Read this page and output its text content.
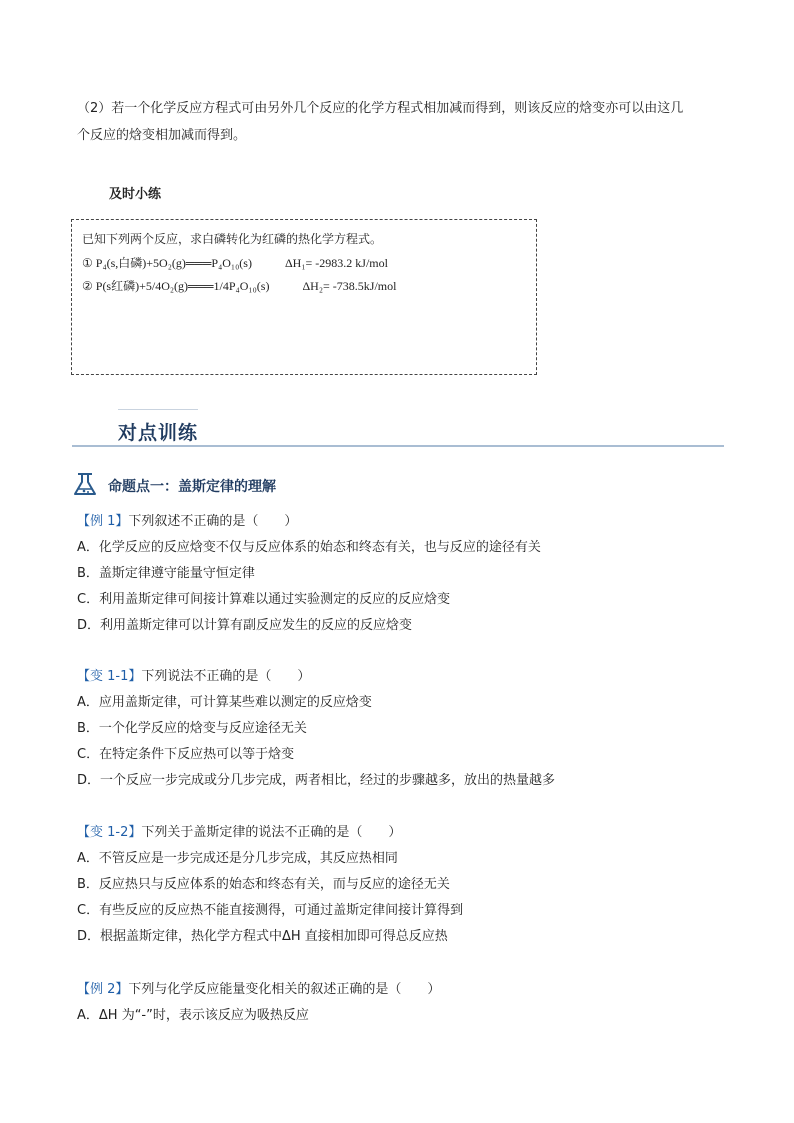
（2）若一个化学反应方程式可由另外几个反应的化学方程式相加减而得到，则该反应的焓变亦可以由这几
个反应的焓变相加减而得到。
及时小练
已知下列两个反应，求白磷转化为红磷的热化学方程式。
① P₄(s,白磷)+5O₂(g)═══P₄O₁₀(s)	ΔH₁= -2983.2 kJ/mol
② P(s红磷)+5/4O₂(g)═══1/4P₄O₁₀(s)	ΔH₂= -738.5kJ/mol
对点训练
命题点一：盖斯定律的理解
【例 1】下列叙述不正确的是（　　）
A．化学反应的反应焓变不仅与反应体系的始态和终态有关，也与反应的途径有关
B．盖斯定律遵守能量守恒定律
C．利用盖斯定律可间接计算难以通过实验测定的反应的反应焓变
D．利用盖斯定律可以计算有副反应发生的反应的反应焓变
【变 1-1】下列说法不正确的是（　　）
A．应用盖斯定律，可计算某些难以测定的反应焓变
B．一个化学反应的焓变与反应途径无关
C．在特定条件下反应热可以等于焓变
D．一个反应一步完成或分几步完成，两者相比，经过的步骤越多，放出的热量越多
【变 1-2】下列关于盖斯定律的说法不正确的是（　　）
A．不管反应是一步完成还是分几步完成，其反应热相同
B．反应热只与反应体系的始态和终态有关，而与反应的途径无关
C．有些反应的反应热不能直接测得，可通过盖斯定律间接计算得到
D．根据盖斯定律，热化学方程式中ΔH 直接相加即可得总反应热
【例 2】下列与化学反应能量变化相关的叙述正确的是（　　）
A．ΔH 为“-”时，表示该反应为吸热反应
